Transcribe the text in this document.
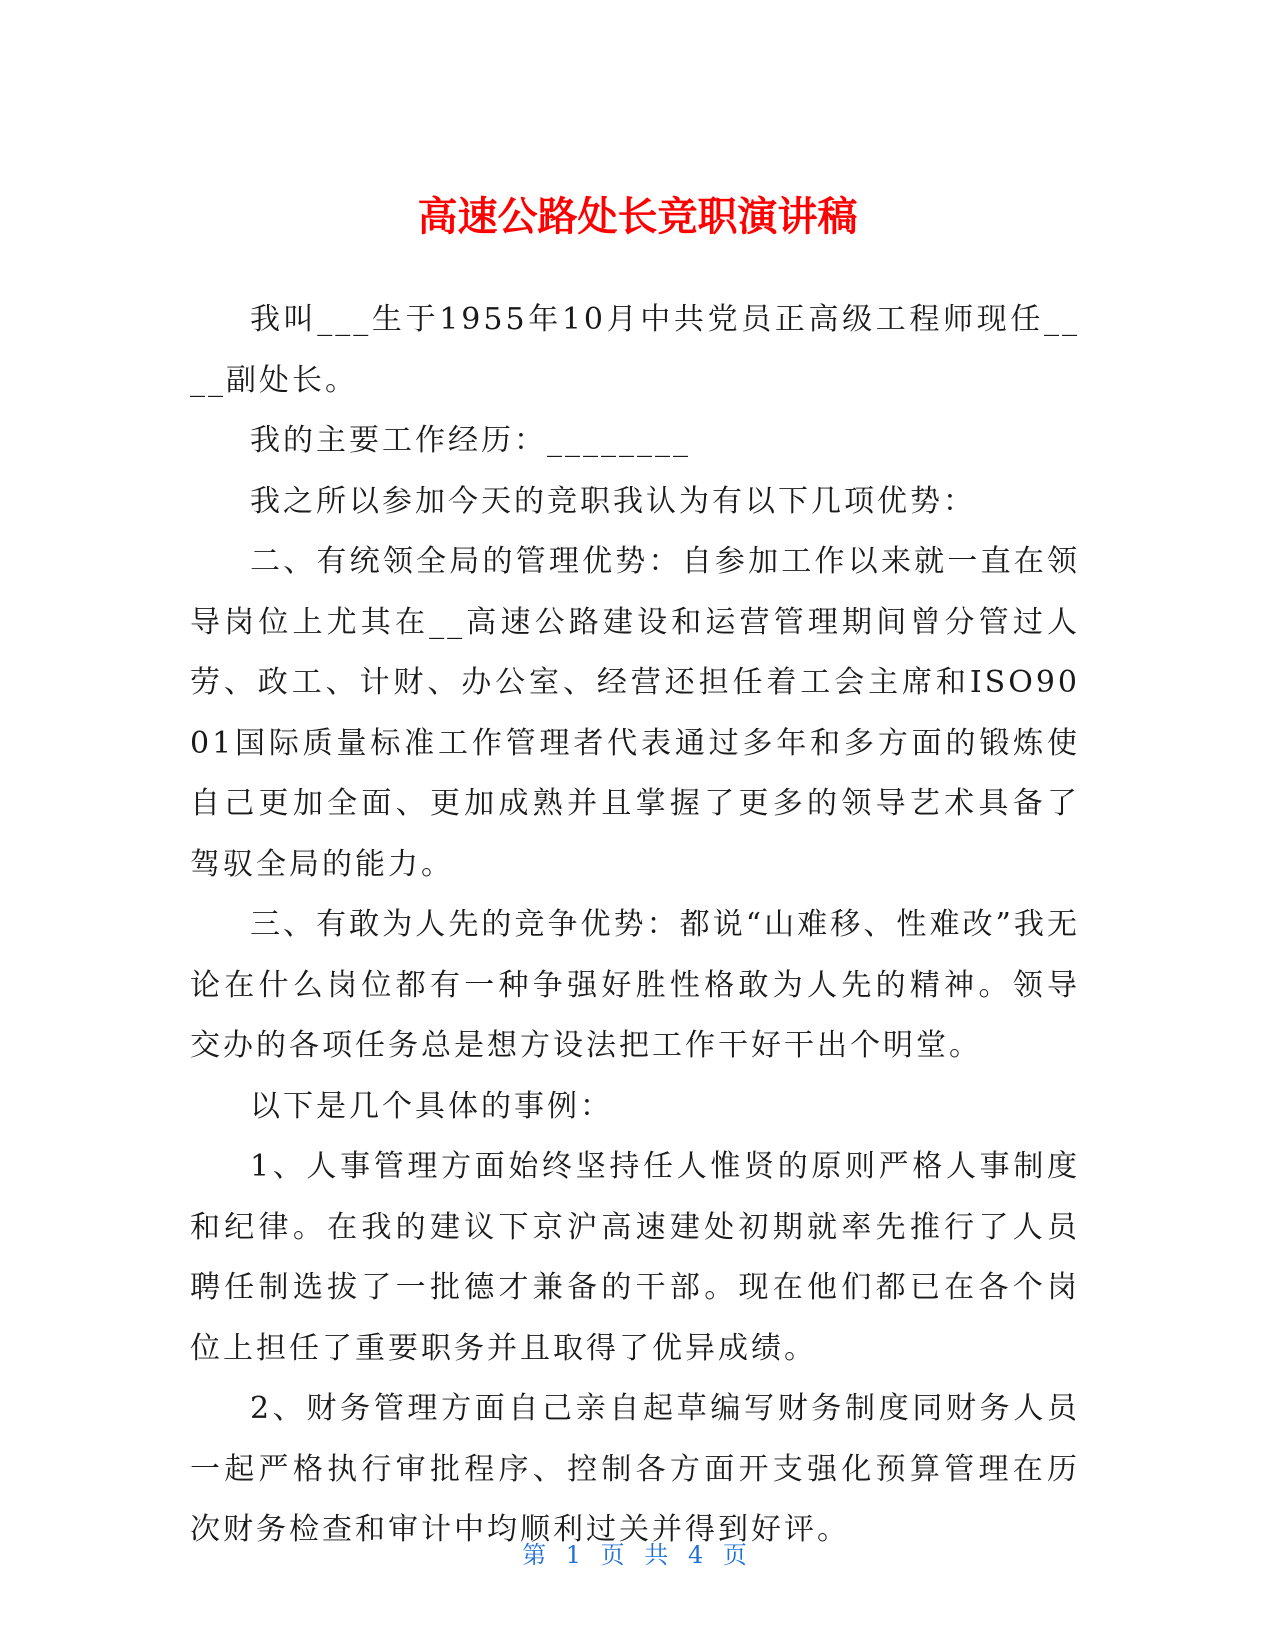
高速公路处长竞职演讲稿

我叫___生于1955年10月中共党员正高级工程师现任____副处长。

我的主要工作经历：________

我之所以参加今天的竞职我认为有以下几项优势：

二、有统领全局的管理优势：自参加工作以来就一直在领导岗位上尤其在__高速公路建设和运营管理期间曾分管过人劳、政工、计财、办公室、经营还担任着工会主席和ISO9001国际质量标准工作管理者代表通过多年和多方面的锻炼使自己更加全面、更加成熟并且掌握了更多的领导艺术具备了驾驭全局的能力。

三、有敢为人先的竞争优势：都说“山难移、性难改”我无论在什么岗位都有一种争强好胜性格敢为人先的精神。领导交办的各项任务总是想方设法把工作干好干出个明堂。

以下是几个具体的事例：

1、人事管理方面始终坚持任人惟贤的原则严格人事制度和纪律。在我的建议下京沪高速建处初期就率先推行了人员聘任制选拔了一批德才兼备的干部。现在他们都已在各个岗位上担任了重要职务并且取得了优异成绩。

2、财务管理方面自己亲自起草编写财务制度同财务人员一起严格执行审批程序、控制各方面开支强化预算管理在历次财务检查和审计中均顺利过关并得到好评。

第 1 页 共 4 页
